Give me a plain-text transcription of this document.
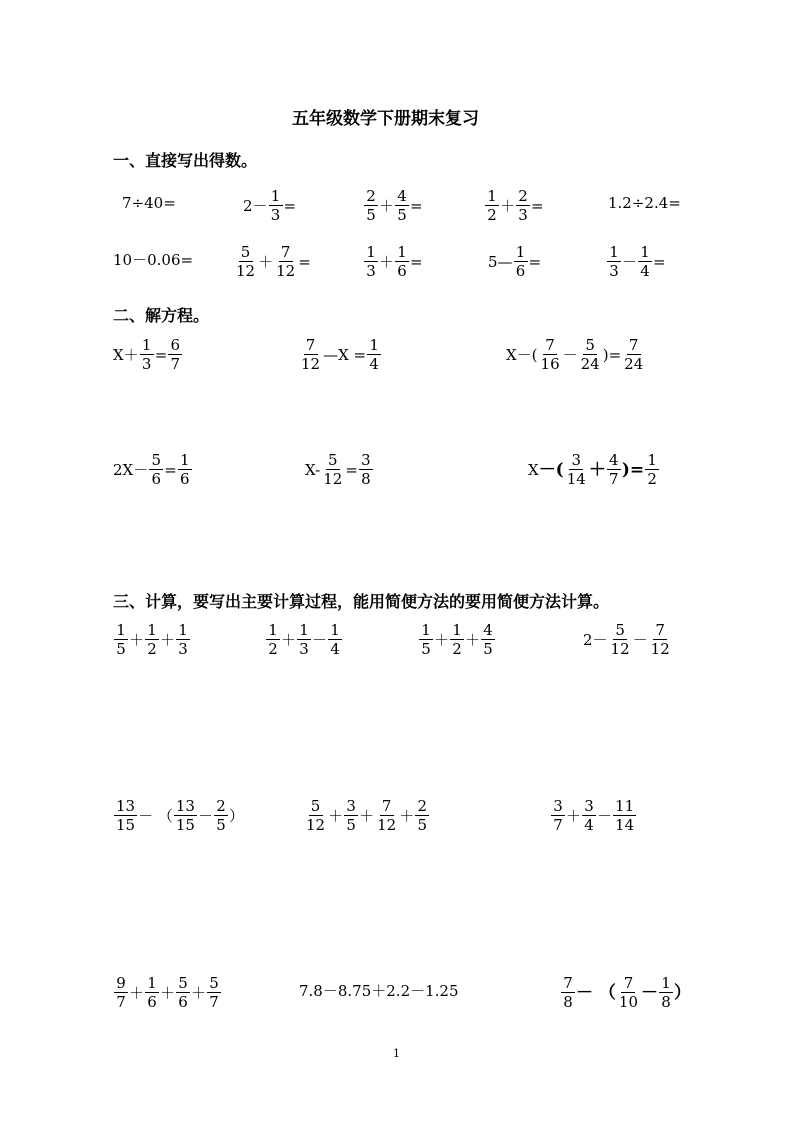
五年级数学下册期末复习
一、直接写出得数。
二、解方程。
三、计算，要写出主要计算过程，能用简便方法的要用简便方法计算。
7÷40=	$2- \frac{1}{3}$ =	$\frac{2}{5} + \frac{4}{5}$ =	$\frac{1}{2} + \frac{2}{3}$ =	1.2÷2.4=
10－0.06=	$\frac{5}{12} + \frac{7}{12}$ =	$\frac{1}{3} + \frac{1}{6}$ =	5— $\frac{1}{6}$ =	$\frac{1}{3} - \frac{1}{4}$ =
$X+ \frac{1}{3} = \frac{6}{7}$	$\frac{7}{12}$ —X = $\frac{1}{4}$	$X-( \frac{7}{16} - \frac{5}{24}$ )= $\frac{7}{24}$
$2X- \frac{5}{6} = \frac{1}{6}$	$X- \frac{5}{12} = \frac{3}{8}$	X －( $\frac{3}{14} + \frac{4}{7}$ )= $\frac{1}{2}$
$\frac{1}{5} + \frac{1}{2} + \frac{1}{3}$	$\frac{1}{2} + \frac{1}{3} - \frac{1}{4}$	$\frac{1}{5} + \frac{1}{2} + \frac{4}{5}$	$2- \frac{5}{12} - \frac{7}{12}$
$\frac{13}{15}$ － （ $\frac{13}{15} - \frac{2}{5}$ ）	$\frac{5}{12} + \frac{3}{5} + \frac{7}{12} + \frac{2}{5}$	$\frac{3}{7} + \frac{3}{4} - \frac{11}{14}$
$\frac{9}{7} + \frac{1}{6} + \frac{5}{6} + \frac{5}{7}$	7.8－8.75＋2.2－1.25	$\frac{7}{8}$ － （ $\frac{7}{10} - \frac{1}{8}$ ）
1
